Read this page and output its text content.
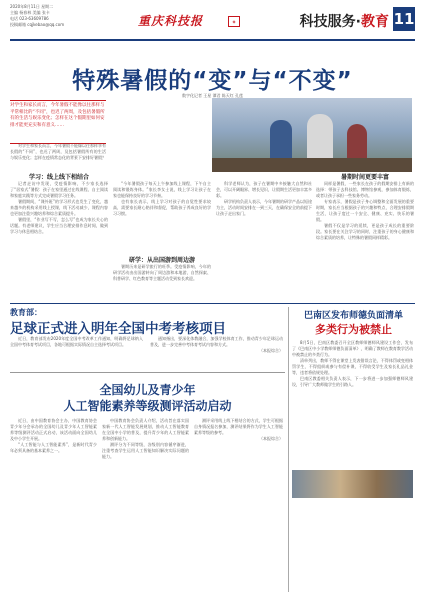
2020年8月11日 星期二
主编 杨春林 美编 张卡
电话 023-63609786
投稿邮箱 cqjkebao@qq.com	重庆科技报	◈	科技服务·教育 11
特殊暑假的“变”与“不变”
数字化记者 王星 谭君 陈天红 孔莲
对学生和家长而言，今年暑假不能像以往那样与平常相比的“不同”，也迟了两周，及包括暑假所有的生活与娱乐变化；怎样在这个假期里如何安排才能更充实和有意义……

对学生和家长而言，今年暑假不能像以往那样享有长假的“不同”，也迟了两周，及包括暑假所有的生活与娱乐变化；怎样在疫情常态化的背景下安排好暑假？

学习：线上线下相结合

记者走访中发现，受疫情影响，不少家长选择了“居家式”暑假：孩子在家里通过在线课程、自主阅读和家庭实践等方式完成暑假学习任务。

暑假期间，“课外班”的学习形式也发生了变化，越来越多的机构采用线上授课，线下活动减少，课程内容也更加注重兴趣培养和综合素质提升。

暑假里，“作业写不写，怎么写”也成为家长关心的话题。有老师建议，学生应当合理安排作息时间，做到学习与休息相结合。

“今年暑假孩子每天上午参加线上课程，下午自主阅读和锻炼身体。”家长李女士说，线上学习让孩子在家也能保持良好的学习节奏。

也有家长表示，线上学习对孩子的自觉性要求较高，需要家长耐心陪伴和督促，帮助孩子养成良好的学习习惯。

研学：从出国游到周边游

暑期历来是研学旅行的旺季。受疫情影响，今年的研学活动由出国游转向了周边游和本地游，自然探索、科普研学、红色教育等主题活动受到家长欢迎。

科学老师认为，孩子在暑期中多接触大自然和社会，可以开阔眼界、增长见识，让假期生活更加丰富多彩。

研学机构负责人表示，今年暑期的研学产品以短途为主，活动时间安排在一到三天，在确保安全的前提下让孩子走出家门。

暑期时间更要丰富

同样是暑假，一些家长在孩子的假期安排上有新的选择：带孩子去科技馆、博物馆参观，参加体育锻炼，或者让孩子承担一些家务劳动。

专家表示，暑假是孩子身心调整和全面发展的重要时期，家长应当根据孩子的兴趣和特点，合理安排假期生活，让孩子度过一个安全、健康、充实、快乐的暑假。

暑假不仅是学习的延续，更是孩子成长的重要阶段。家长要在关注学习的同时，注重孩子的身心健康和综合素质的培养，让特殊的暑假同样精彩。

教育部：
足球正式进入明年全国中考考核项目

近日，教育部发布2020年度全国中考改革工作通知，明确将足球纳入全国中考体育考试项目，各地可根据实际情况自主选择考试项目。

通知指出，要深化体教融合，加强学校体育工作，推动青少年足球运动普及，进一步完善中考体育考试内容和方式。

（本报综合）

全国幼儿及青少年
人工智能素养等级测评活动启动

近日，由中国教育协会主办，中国教育协会青少年分会承办的全国幼儿及青少年人工智能素养等级测评活动正式启动，该活动面向全国幼儿及中小学生开展。

“人工智能与人工智能素养”，是新时代青少年必须具备的基本素养之一。

中国教育协会负责人介绍，活动旨在落实国家新一代人工智能发展规划，推动人工智能教育在全国中小学的普及，提升青少年的人工智能素养和创新能力。

测评分为不同等级，各级别内容循序渐进，注重考查学生运用人工智能知识解决实际问题的能力。

测评采用线上线下相结合的方式，学生可根据自身情况报名参加，测评结果将作为学生人工智能素养等级的参考。

（本报综合）

巴南区发布师德负面清单
多类行为被禁止

8月5日，巴南区教委召开全区教师师德师风建设工作会，发布了《巴南区中小学教师师德负面清单》，明确了教师在教育教学活动中被禁止的多类行为。

清单列出，教师不得在课堂上发表错误言论，不得体罚或变相体罚学生，不得组织或参与有偿补课，不得收受学生及家长礼品礼金等，违者将依规处理。

巴南区教委相关负责人表示，下一步将进一步加强师德师风建设，引导广大教师做学生的引路人。
